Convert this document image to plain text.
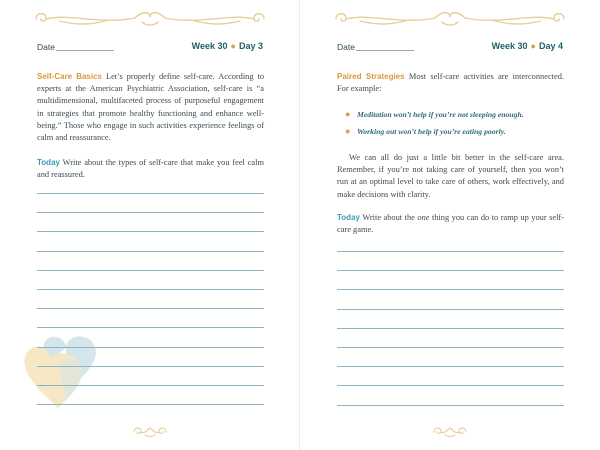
Date	Week 30 ● Day 3

Self-Care Basics Let’s properly define self-care. According to experts at the American Psychiatric Association, self-care is “a multidimensional, multifaceted process of purposeful engagement in strategies that promote healthy functioning and enhance well-being.” Those who engage in such activities experience feelings of calm and reassurance.

Today Write about the types of self-care that make you feel calm and reassured.

Date	Week 30 ● Day 4

Paired Strategies Most self-care activities are interconnected. For example:

● Meditation won’t help if you’re not sleeping enough.
● Working out won’t help if you’re eating poorly.

We can all do just a little bit better in the self-care area. Remember, if you’re not taking care of yourself, then you won’t run at an optimal level to take care of others, work effectively, and make decisions with clarity.

Today Write about the one thing you can do to ramp up your self-care game.
